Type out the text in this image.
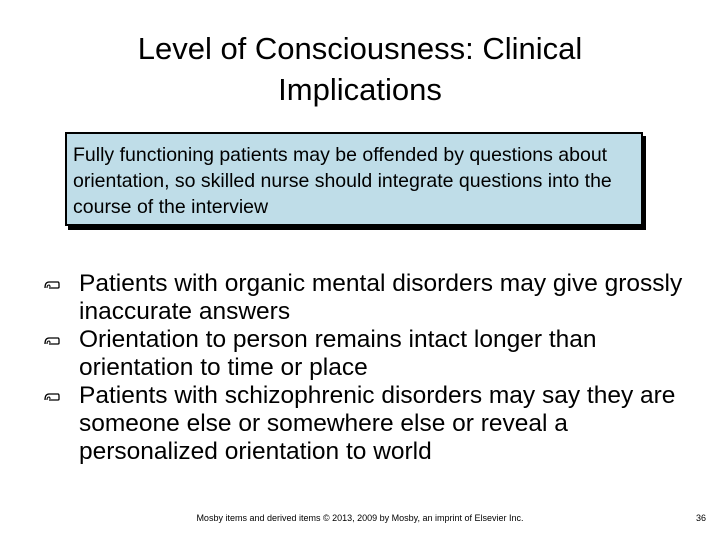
Level of Consciousness: Clinical Implications
Fully functioning patients may be offended by questions about orientation, so skilled nurse should integrate questions into the course of the interview
Patients with organic mental disorders may give grossly inaccurate answers
Orientation to person remains intact longer than orientation to time or place
Patients with schizophrenic disorders may say they are someone else or somewhere else or reveal a personalized orientation to world
Mosby items and derived items © 2013, 2009 by Mosby, an imprint of Elsevier Inc.	36
